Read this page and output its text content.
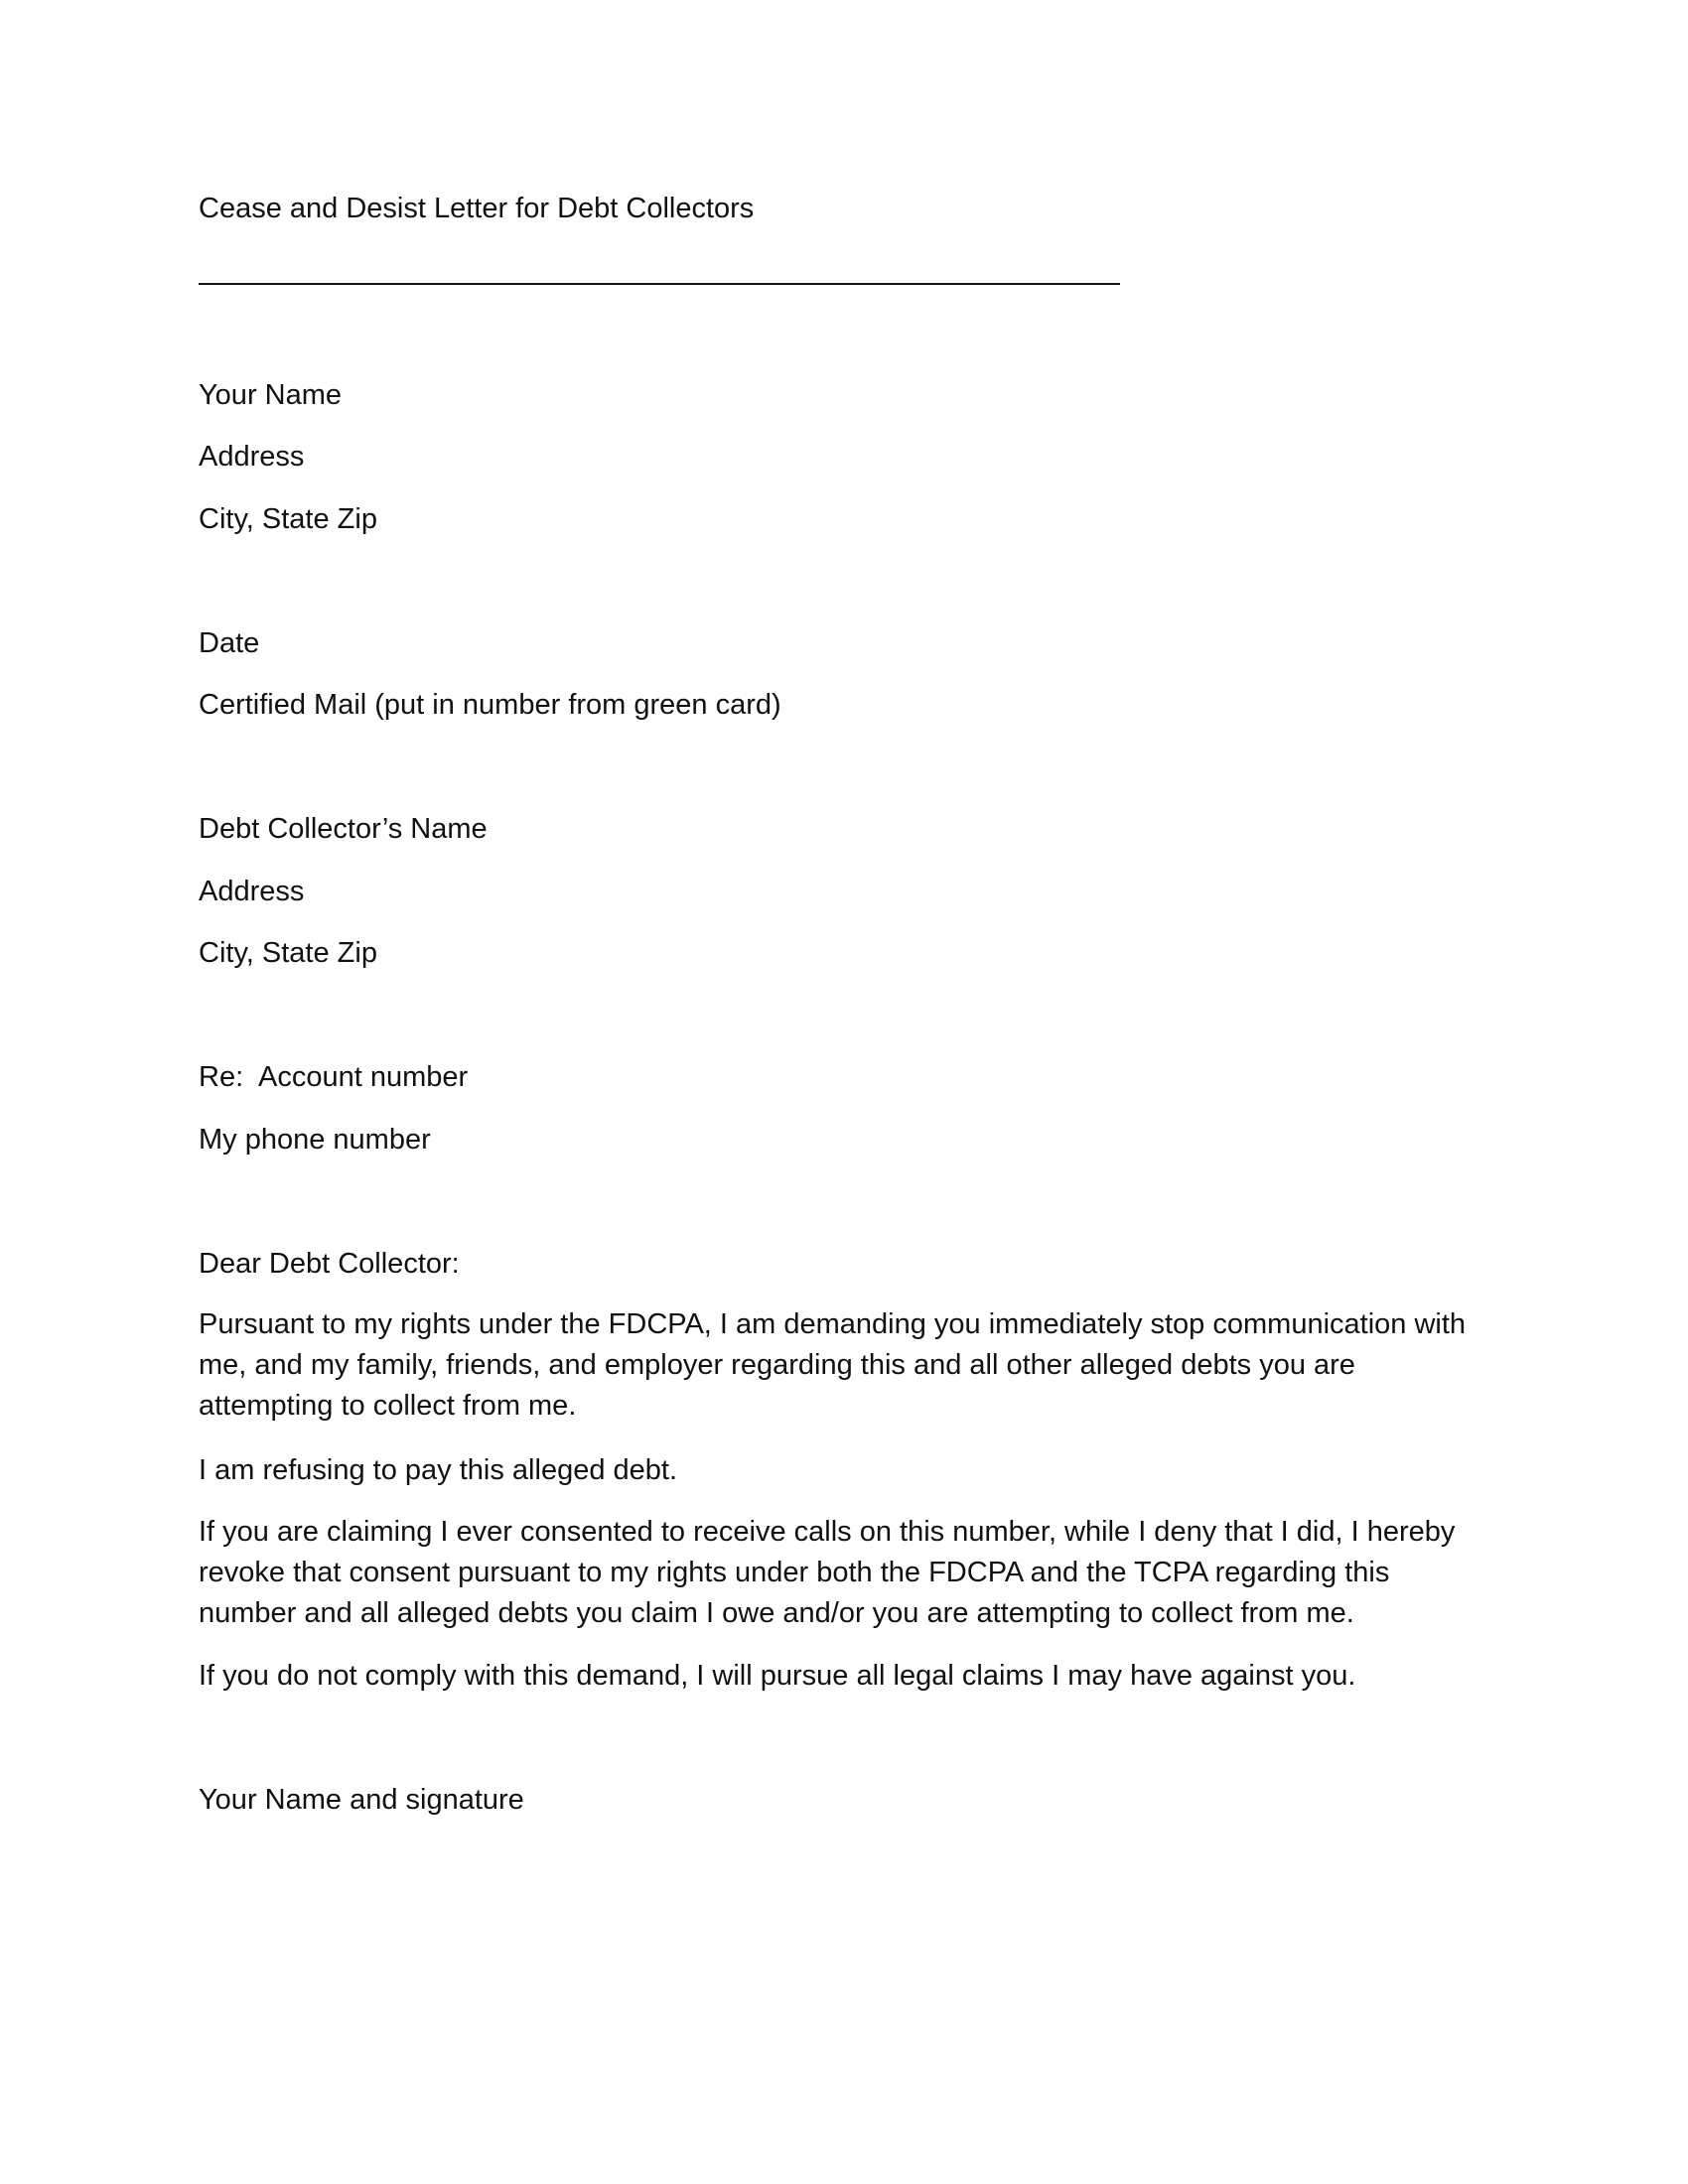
Cease and Desist Letter for Debt Collectors

Your Name

Address

City, State Zip

Date

Certified Mail (put in number from green card)

Debt Collector’s Name

Address

City, State Zip

Re: Account number

My phone number

Dear Debt Collector:

Pursuant to my rights under the FDCPA, I am demanding you immediately stop communication with me, and my family, friends, and employer regarding this and all other alleged debts you are attempting to collect from me.

I am refusing to pay this alleged debt.

If you are claiming I ever consented to receive calls on this number, while I deny that I did, I hereby revoke that consent pursuant to my rights under both the FDCPA and the TCPA regarding this number and all alleged debts you claim I owe and/or you are attempting to collect from me.

If you do not comply with this demand, I will pursue all legal claims I may have against you.

Your Name and signature
